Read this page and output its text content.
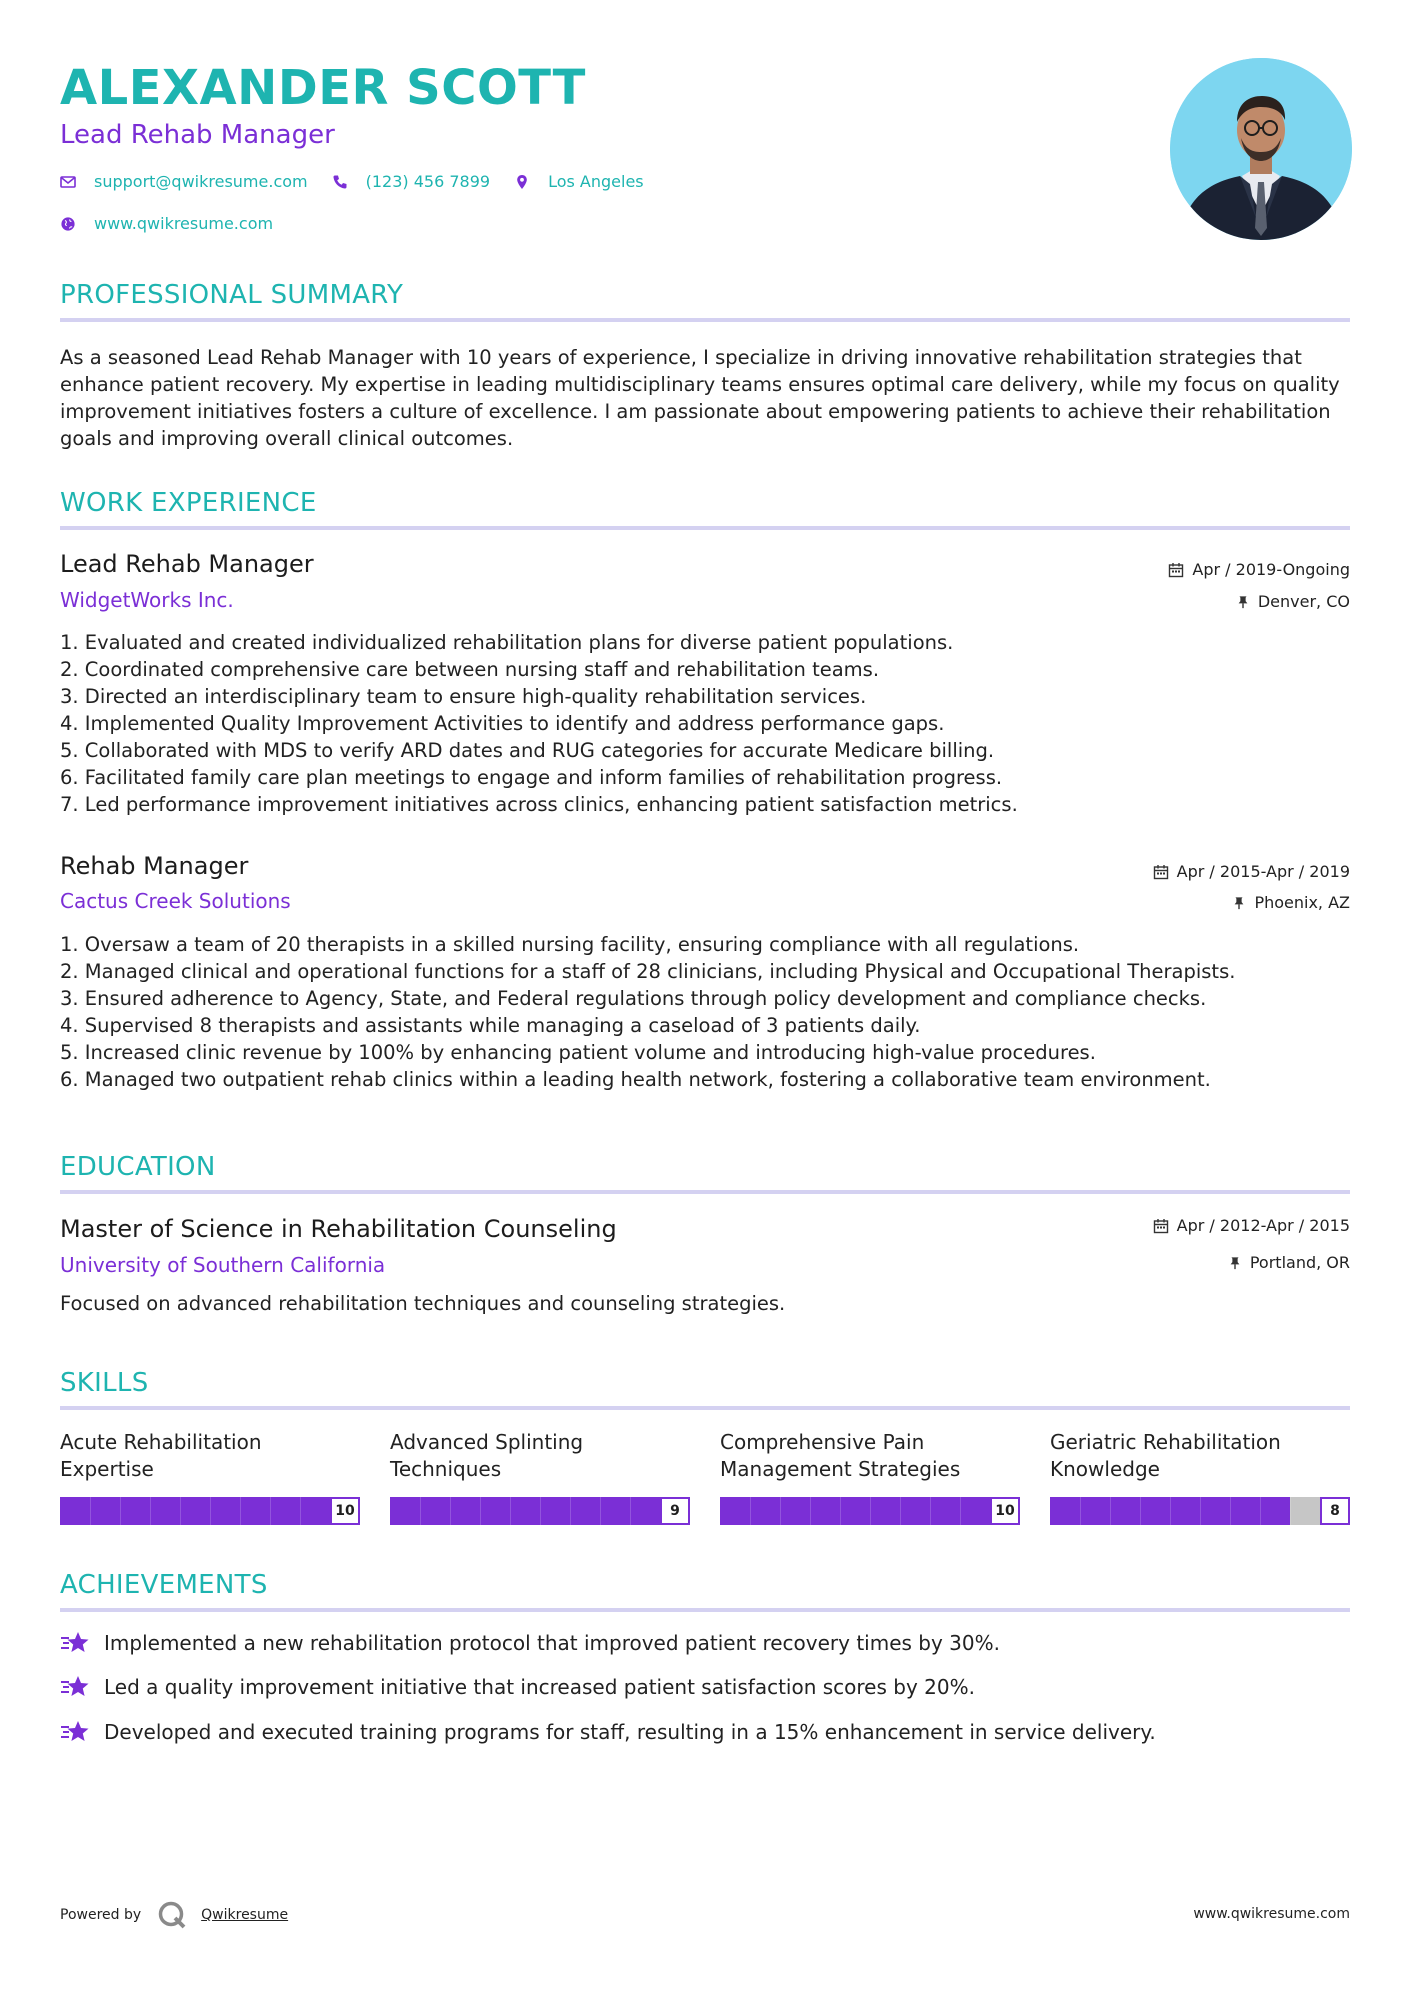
ALEXANDER SCOTT
Lead Rehab Manager
support@qwikresume.com	(123) 456 7899	Los Angeles
www.qwikresume.com
PROFESSIONAL SUMMARY
As a seasoned Lead Rehab Manager with 10 years of experience, I specialize in driving innovative rehabilitation strategies that enhance patient recovery. My expertise in leading multidisciplinary teams ensures optimal care delivery, while my focus on quality improvement initiatives fosters a culture of excellence. I am passionate about empowering patients to achieve their rehabilitation goals and improving overall clinical outcomes.
WORK EXPERIENCE
Lead Rehab Manager
WidgetWorks Inc.
Apr / 2019-Ongoing
Denver, CO
1. Evaluated and created individualized rehabilitation plans for diverse patient populations.
2. Coordinated comprehensive care between nursing staff and rehabilitation teams.
3. Directed an interdisciplinary team to ensure high-quality rehabilitation services.
4. Implemented Quality Improvement Activities to identify and address performance gaps.
5. Collaborated with MDS to verify ARD dates and RUG categories for accurate Medicare billing.
6. Facilitated family care plan meetings to engage and inform families of rehabilitation progress.
7. Led performance improvement initiatives across clinics, enhancing patient satisfaction metrics.
Rehab Manager
Cactus Creek Solutions
Apr / 2015-Apr / 2019
Phoenix, AZ
1. Oversaw a team of 20 therapists in a skilled nursing facility, ensuring compliance with all regulations.
2. Managed clinical and operational functions for a staff of 28 clinicians, including Physical and Occupational Therapists.
3. Ensured adherence to Agency, State, and Federal regulations through policy development and compliance checks.
4. Supervised 8 therapists and assistants while managing a caseload of 3 patients daily.
5. Increased clinic revenue by 100% by enhancing patient volume and introducing high-value procedures.
6. Managed two outpatient rehab clinics within a leading health network, fostering a collaborative team environment.
EDUCATION
Master of Science in Rehabilitation Counseling
University of Southern California
Apr / 2012-Apr / 2015
Portland, OR
Focused on advanced rehabilitation techniques and counseling strategies.
SKILLS
Acute Rehabilitation Expertise
10
Advanced Splinting Techniques
9
Comprehensive Pain Management Strategies
10
Geriatric Rehabilitation Knowledge
8
ACHIEVEMENTS
Implemented a new rehabilitation protocol that improved patient recovery times by 30%.
Led a quality improvement initiative that increased patient satisfaction scores by 20%.
Developed and executed training programs for staff, resulting in a 15% enhancement in service delivery.
Powered by	Qwikresume	www.qwikresume.com
